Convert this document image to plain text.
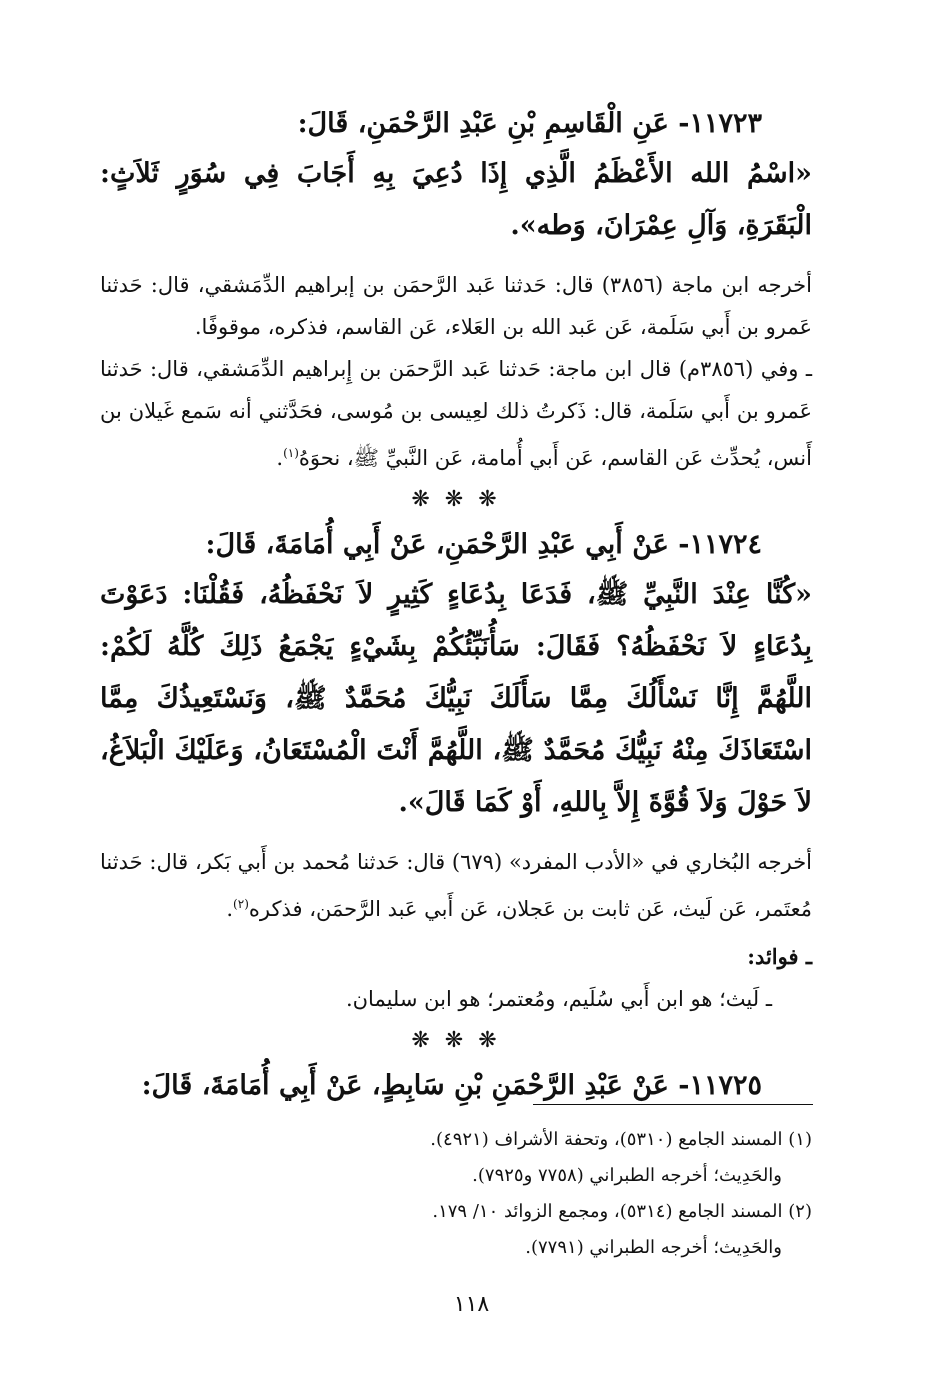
١١٧٢٣- عَنِ الْقَاسِمِ بْنِ عَبْدِ الرَّحْمَنِ، قَالَ:

«اسْمُ الله الأَعْظَمُ الَّذِي إِذَا دُعِيَ بِهِ أَجَابَ فِي سُوَرٍ ثَلاَثٍ: الْبَقَرَةِ، وَآلِ عِمْرَانَ، وَطه».

أخرجه ابن ماجة (٣٨٥٦) قال: حَدثنا عَبد الرَّحمَن بن إبراهيم الدِّمَشقي، قال: حَدثنا عَمرو بن أَبي سَلَمة، عَن عَبد الله بن العَلاء، عَن القاسم، فذكره، موقوفًا.

ـ وفي (٣٨٥٦م) قال ابن ماجة: حَدثنا عَبد الرَّحمَن بن إِبراهيم الدِّمَشقي، قال: حَدثنا عَمرو بن أَبي سَلَمة، قال: ذَكرتُ ذلك لعِيسى بن مُوسى، فحَدَّثني أنه سَمع غَيلان بن أَنس، يُحدِّث عَن القاسم، عَن أَبي أُمامة، عَن النَّبيِّ ﷺ، نحوَهُ$^{(١)}$.

❋ ❋ ❋

١١٧٢٤- عَنْ أَبِي عَبْدِ الرَّحْمَنِ، عَنْ أَبِي أُمَامَةَ، قَالَ:

«كُنَّا عِنْدَ النَّبِيِّ ﷺ، فَدَعَا بِدُعَاءٍ كَثِيرٍ لاَ نَحْفَظُهُ، فَقُلْنَا: دَعَوْتَ بِدُعَاءٍ لاَ نَحْفَظُهُ؟ فَقَالَ: سَأُنَبِّئُكُمْ بِشَيْءٍ يَجْمَعُ ذَلِكَ كُلَّهُ لَكُمْ: اللَّهُمَّ إِنَّا نَسْأَلُكَ مِمَّا سَأَلَكَ نَبِيُّكَ مُحَمَّدٌ ﷺ، وَنَسْتَعِيذُكَ مِمَّا اسْتَعَاذَكَ مِنْهُ نَبِيُّكَ مُحَمَّدٌ ﷺ، اللَّهُمَّ أَنْتَ الْمُسْتَعَانُ، وَعَلَيْكَ الْبَلاَغُ، لاَ حَوْلَ وَلاَ قُوَّةَ إِلاَّ بِاللهِ، أَوْ كَمَا قَالَ».

أخرجه البُخاري في «الأدب المفرد» (٦٧٩) قال: حَدثنا مُحمد بن أَبي بَكر، قال: حَدثنا مُعتَمر، عَن لَيث، عَن ثابت بن عَجلان، عَن أَبي عَبد الرَّحمَن، فذكره$^{(٢)}$.

ـ فوائد:

ـ لَيث؛ هو ابن أَبي سُلَيم، ومُعتمر؛ هو ابن سليمان.

❋ ❋ ❋

١١٧٢٥- عَنْ عَبْدِ الرَّحْمَنِ بْنِ سَابِطٍ، عَنْ أَبِي أُمَامَةَ، قَالَ:

(١) المسند الجامع (٥٣١٠)، وتحفة الأشراف (٤٩٢١).

والحَدِيث؛ أخرجه الطبراني (٧٧٥٨ و٧٩٢٥).

(٢) المسند الجامع (٥٣١٤)، ومجمع الزوائد ١٠/ ١٧٩.

والحَدِيث؛ أخرجه الطبراني (٧٧٩١).

١١٨
